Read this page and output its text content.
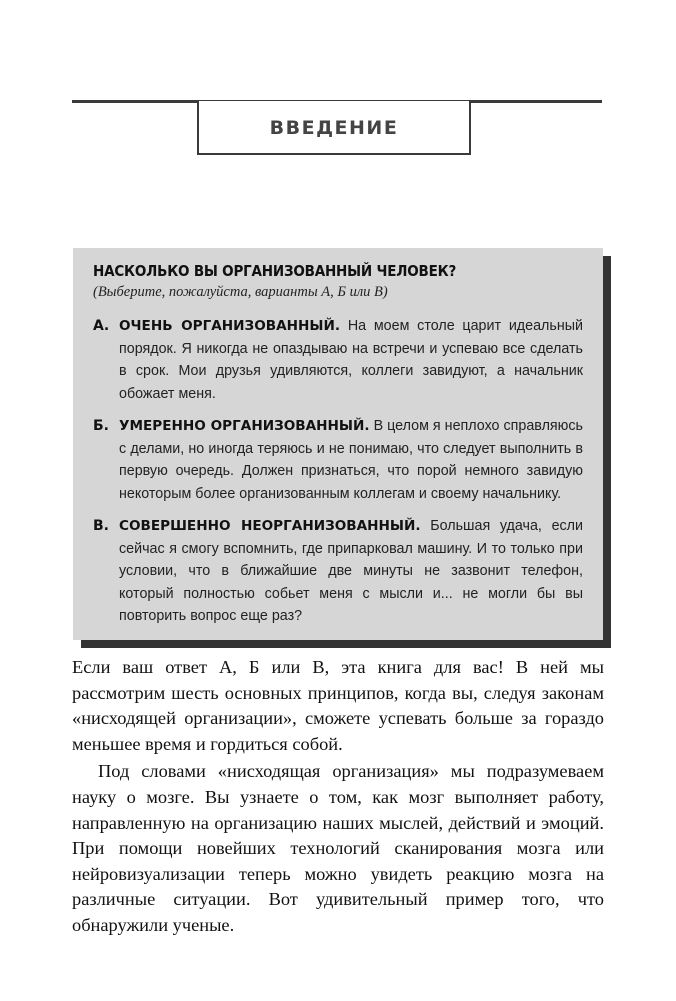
ВВЕДЕНИЕ

НАСКОЛЬКО ВЫ ОРГАНИЗОВАННЫЙ ЧЕЛОВЕК?

(Выберите, пожалуйста, варианты А, Б или В)

А. ОЧЕНЬ ОРГАНИЗОВАННЫЙ. На моем столе царит идеальный порядок. Я никогда не опаздываю на встречи и успеваю все сделать в срок. Мои друзья удивляются, коллеги завидуют, а начальник обожает меня.
Б. УМЕРЕННО ОРГАНИЗОВАННЫЙ. В целом я неплохо справляюсь с делами, но иногда теряюсь и не понимаю, что следует выполнить в первую очередь. Должен признаться, что порой немного завидую некоторым более организованным коллегам и своему начальнику.
В. СОВЕРШЕННО НЕОРГАНИЗОВАННЫЙ. Большая удача, если сейчас я смогу вспомнить, где припарковал машину. И то только при условии, что в ближайшие две минуты не зазвонит телефон, который полностью собьет меня с мысли и... не могли бы вы повторить вопрос еще раз?

Если ваш ответ А, Б или В, эта книга для вас! В ней мы рассмотрим шесть основных принципов, когда вы, следуя законам «нисходящей организации», сможете успевать больше за гораздо меньшее время и гордиться собой.

Под словами «нисходящая организация» мы подразумеваем науку о мозге. Вы узнаете о том, как мозг выполняет работу, направленную на организацию наших мыслей, действий и эмоций. При помощи новейших технологий сканирования мозга или нейровизуализации теперь можно увидеть реакцию мозга на различные ситуации. Вот удивительный пример того, что обнаружили ученые.
